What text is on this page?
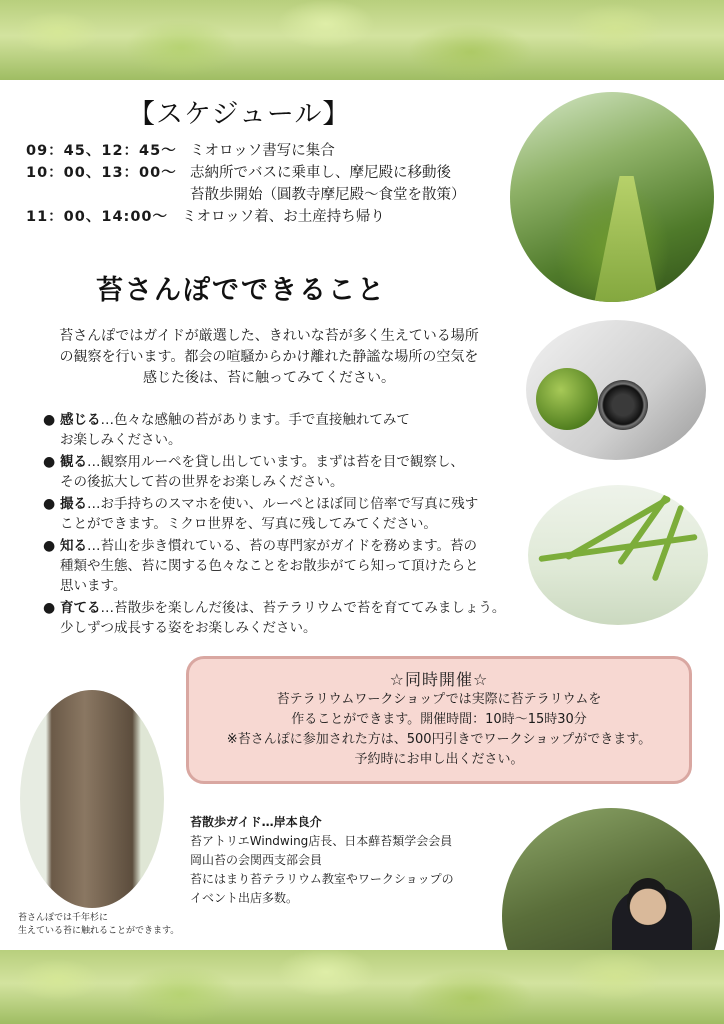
【スケジュール】
09：45、12：45～ ミオロッソ書写に集合
10：00、13：00～ 志納所でバスに乗車し、摩尼殿に移動後
苔散歩開始（圓教寺摩尼殿～食堂を散策）
11：00、14:00～ ミオロッソ着、お土産持ち帰り
苔さんぽでできること
苔さんぽではガイドが厳選した、きれいな苔が多く生えている場所
の観察を行います。都会の喧騒からかけ離れた静謐な場所の空気を
感じた後は、苔に触ってみてください。
● 感じる…色々な感触の苔があります。手で直接触れてみて
お楽しみください。
● 観る…観察用ルーペを貸し出しています。まずは苔を目で観察し、
その後拡大して苔の世界をお楽しみください。
● 撮る…お手持ちのスマホを使い、ルーペとほぼ同じ倍率で写真に残す
ことができます。ミクロ世界を、写真に残してみてください。
● 知る…苔山を歩き慣れている、苔の専門家がガイドを務めます。苔の
種類や生態、苔に関する色々なことをお散歩がてら知って頂けたらと
思います。
● 育てる…苔散歩を楽しんだ後は、苔テラリウムで苔を育ててみましょう。
少しずつ成長する姿をお楽しみください。
☆同時開催☆
苔テラリウムワークショップでは実際に苔テラリウムを
作ることができます。開催時間：10時～15時30分
※苔さんぽに参加された方は、500円引きでワークショップができます。
予約時にお申し出ください。
苔さんぽでは千年杉に
生えている苔に触れることができます。
苔散歩ガイド…岸本良介
苔アトリエWindwing店長、日本蘚苔類学会会員
岡山苔の会関西支部会員
苔にはまり苔テラリウム教室やワークショップの
イベント出店多数。
